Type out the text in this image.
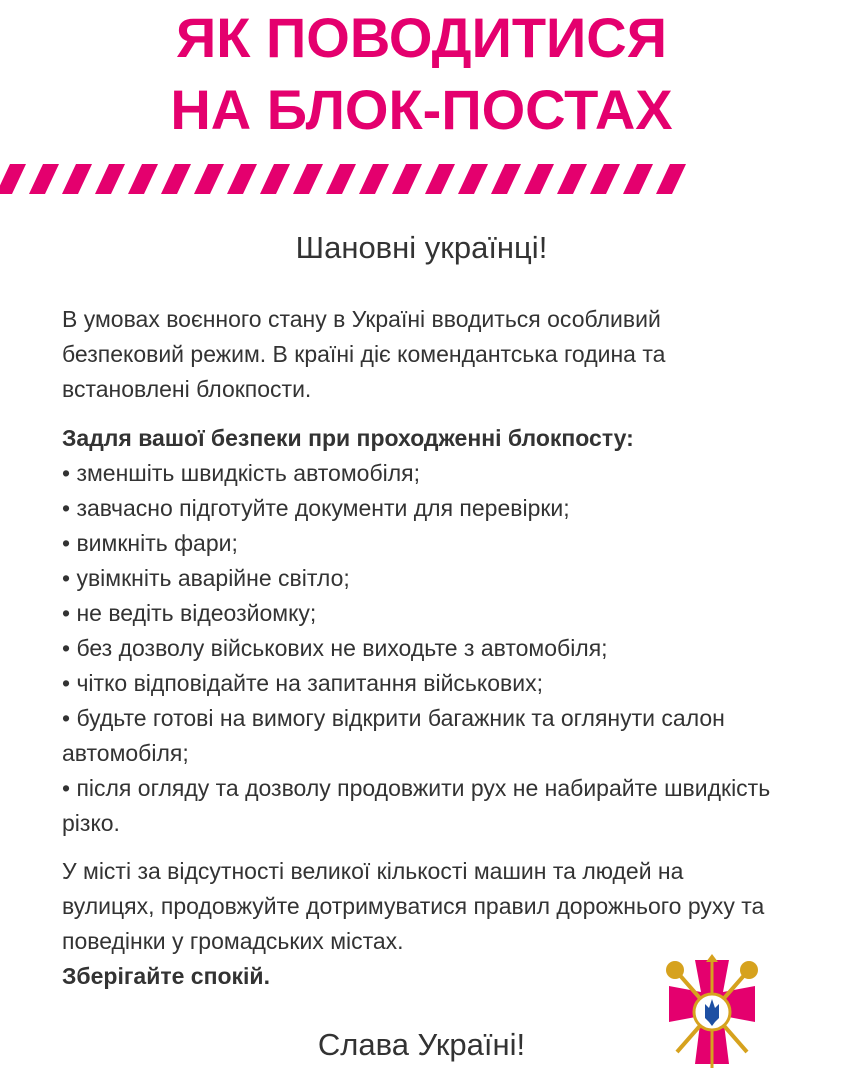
ЯК ПОВОДИТИСЯ
НА БЛОК-ПОСТАХ

Шановні українці!

В умовах воєнного стану в Україні вводиться особливий безпековий режим. В країні діє комендантська година та встановлені блокпости.

Задля вашої безпеки при проходженні блокпосту:
• зменшіть швидкість автомобіля;
• завчасно підготуйте документи для перевірки;
• вимкніть фари;
• увімкніть аварійне світло;
• не ведіть відеозйомку;
• без дозволу військових не виходьте з автомобіля;
• чітко відповідайте на запитання військових;
• будьте готові на вимогу відкрити багажник та оглянути салон автомобіля;
• після огляду та дозволу продовжити рух не набирайте швидкість різко.
У місті за відсутності великої кількості машин та людей на вулицях, продовжуйте дотримуватися правил дорожнього руху та поведінки у громадських містах.
Зберігайте спокій.

Слава Україні!
